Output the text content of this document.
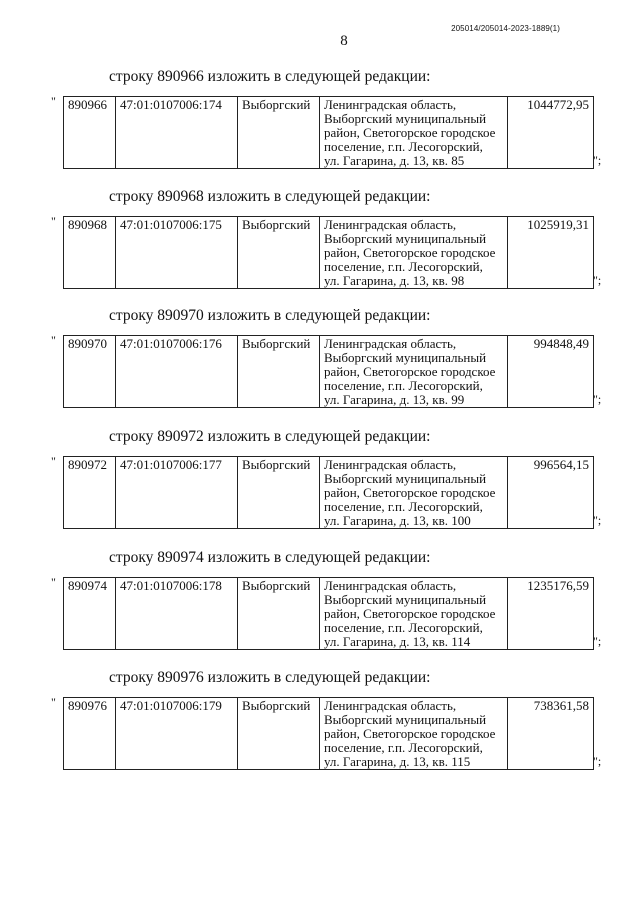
205014/205014-2023-1889(1)
8
строку 890966 изложить в следующей редакции:
" 890966	47:01:0107006:174	Выборгский	Ленинградская область,
Выборгский муниципальный
район, Светогорское городское
поселение, г.п. Лесогорский,
ул. Гагарина, д. 13, кв. 85	1044772,95
";
строку 890968 изложить в следующей редакции:
" 890968	47:01:0107006:175	Выборгский	Ленинградская область,
Выборгский муниципальный
район, Светогорское городское
поселение, г.п. Лесогорский,
ул. Гагарина, д. 13, кв. 98	1025919,31
";
строку 890970 изложить в следующей редакции:
" 890970	47:01:0107006:176	Выборгский	Ленинградская область,
Выборгский муниципальный
район, Светогорское городское
поселение, г.п. Лесогорский,
ул. Гагарина, д. 13, кв. 99	994848,49
";
строку 890972 изложить в следующей редакции:
" 890972	47:01:0107006:177	Выборгский	Ленинградская область,
Выборгский муниципальный
район, Светогорское городское
поселение, г.п. Лесогорский,
ул. Гагарина, д. 13, кв. 100	996564,15
";
строку 890974 изложить в следующей редакции:
" 890974	47:01:0107006:178	Выборгский	Ленинградская область,
Выборгский муниципальный
район, Светогорское городское
поселение, г.п. Лесогорский,
ул. Гагарина, д. 13, кв. 114	1235176,59
";
строку 890976 изложить в следующей редакции:
" 890976	47:01:0107006:179	Выборгский	Ленинградская область,
Выборгский муниципальный
район, Светогорское городское
поселение, г.п. Лесогорский,
ул. Гагарина, д. 13, кв. 115	738361,58
";
